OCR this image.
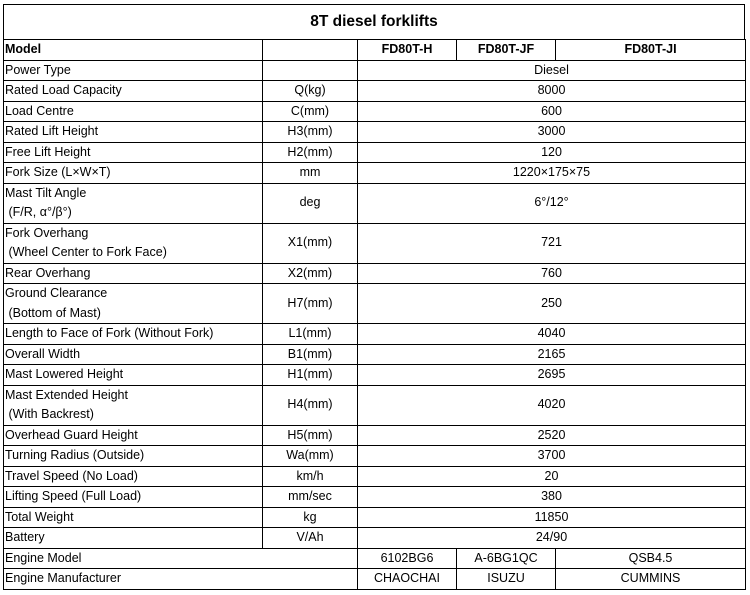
8T diesel forklifts
Model		FD80T-H	FD80T-JF	FD80T-JI

Power Type		Diesel		

Rated Load Capacity	Q(kg)	8000		

Load Centre	C(mm)	600		

Rated Lift Height	H3(mm)	3000		

Free Lift Height	H2(mm)	120		

Fork Size (L×W×T)	mm	1220×175×75		

Mast Tilt Angle
(F/R, α°/β°)	deg	6°/12°		

Fork Overhang
(Wheel Center to Fork Face)	X1(mm)	721		

Rear Overhang	X2(mm)	760		

Ground Clearance
(Bottom of Mast)	H7(mm)	250		

Length to Face of Fork (Without Fork)	L1(mm)	4040		

Overall Width	B1(mm)	2165		

Mast Lowered Height	H1(mm)	2695		

Mast Extended Height
(With Backrest)	H4(mm)	4020		

Overhead Guard Height	H5(mm)	2520		

Turning Radius (Outside)	Wa(mm)	3700		

Travel Speed (No Load)	km/h	20		

Lifting Speed (Full Load)	mm/sec	380		

Total Weight	kg	11850		

Battery	V/Ah	24/90		
Engine Model		6102BG6	A-6BG1QC	QSB4.5
Engine Manufacturer		CHAOCHAI	ISUZU	CUMMINS
